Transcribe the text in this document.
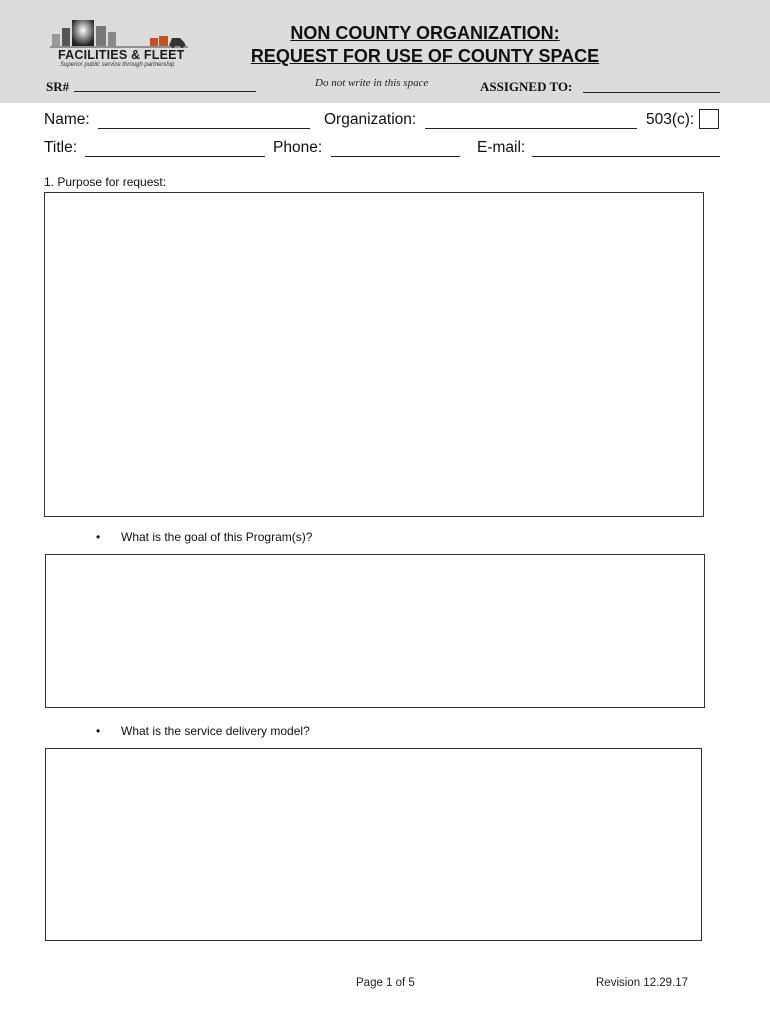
FACILITIES & FLEET
Superior public service through partnership
NON COUNTY ORGANIZATION:
REQUEST FOR USE OF COUNTY SPACE
SR#	Do not write in this space	ASSIGNED TO:
Name:	Organization:	503(c):
Title:	Phone:	E-mail:
1. Purpose for request:
• What is the goal of this Program(s)?
• What is the service delivery model?
Page 1 of 5	Revision 12.29.17
